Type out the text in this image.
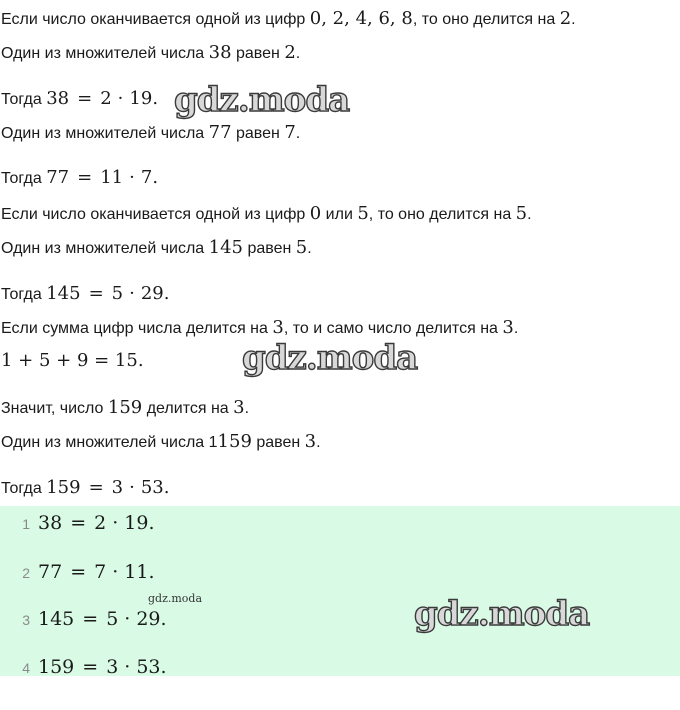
Если число оканчивается одной из цифр 0, 2, 4, 6, 8, то оно делится на 2.
Один из множителей числа 38 равен 2.
Тогда 38 = 2 · 19.
Один из множителей числа 77 равен 7.
Тогда 77 = 11 · 7.
Если число оканчивается одной из цифр 0 или 5, то оно делится на 5.
Один из множителей числа 145 равен 5.
Тогда 145 = 5 · 29.
Если сумма цифр числа делится на 3, то и само число делится на 3.
1 + 5 + 9 = 15.
Значит, число 159 делится на 3.
Один из множителей числа 1159 равен 3.
Тогда 159 = 3 · 53.
1 38 = 2 · 19.
2 77 = 7 · 11.
3 145 = 5 · 29.
4 159 = 3 · 53.
gdz.moda
gdz.moda
gdz.moda
gdz.moda
